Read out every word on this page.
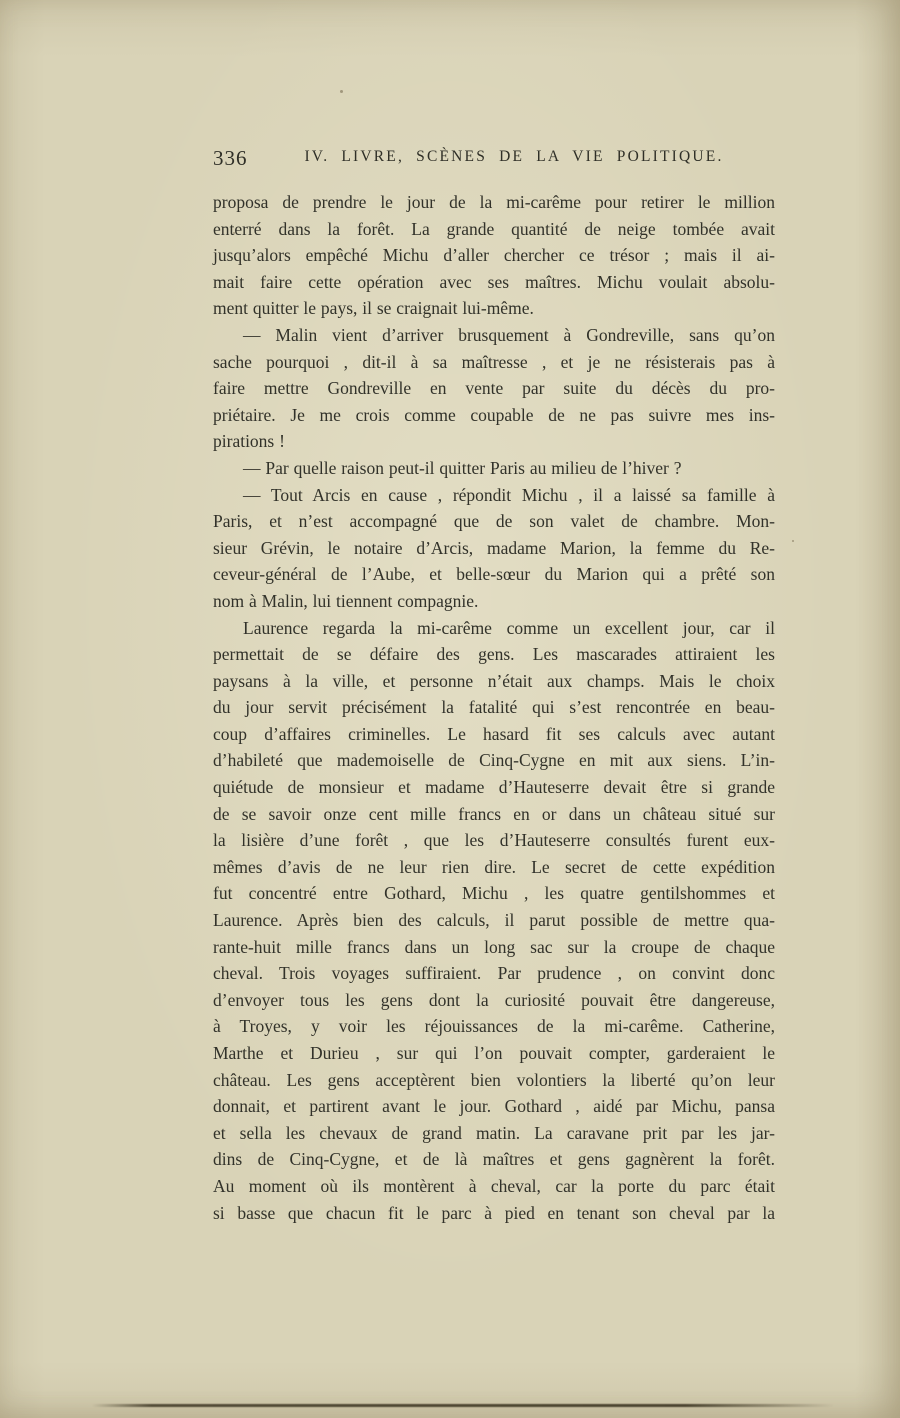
336	IV. LIVRE, SCÈNES DE LA VIE POLITIQUE.
proposa de prendre le jour de la mi-carême pour retirer le million
enterré dans la forêt. La grande quantité de neige tombée avait
jusqu’alors empêché Michu d’aller chercher ce trésor ; mais il ai-
mait faire cette opération avec ses maîtres. Michu voulait absolu-
ment quitter le pays, il se craignait lui-même.
— Malin vient d’arriver brusquement à Gondreville, sans qu’on
sache pourquoi , dit-il à sa maîtresse , et je ne résisterais pas à
faire mettre Gondreville en vente par suite du décès du pro-
priétaire. Je me crois comme coupable de ne pas suivre mes ins-
pirations !
— Par quelle raison peut-il quitter Paris au milieu de l’hiver ?
— Tout Arcis en cause , répondit Michu , il a laissé sa famille à
Paris, et n’est accompagné que de son valet de chambre. Mon-
sieur Grévin, le notaire d’Arcis, madame Marion, la femme du Re-
ceveur-général de l’Aube, et belle-sœur du Marion qui a prêté son
nom à Malin, lui tiennent compagnie.
Laurence regarda la mi-carême comme un excellent jour, car il
permettait de se défaire des gens. Les mascarades attiraient les
paysans à la ville, et personne n’était aux champs. Mais le choix
du jour servit précisément la fatalité qui s’est rencontrée en beau-
coup d’affaires criminelles. Le hasard fit ses calculs avec autant
d’habileté que mademoiselle de Cinq-Cygne en mit aux siens. L’in-
quiétude de monsieur et madame d’Hauteserre devait être si grande
de se savoir onze cent mille francs en or dans un château situé sur
la lisière d’une forêt , que les d’Hauteserre consultés furent eux-
mêmes d’avis de ne leur rien dire. Le secret de cette expédition
fut concentré entre Gothard, Michu , les quatre gentilshommes et
Laurence. Après bien des calculs, il parut possible de mettre qua-
rante-huit mille francs dans un long sac sur la croupe de chaque
cheval. Trois voyages suffiraient. Par prudence , on convint donc
d’envoyer tous les gens dont la curiosité pouvait être dangereuse,
à Troyes, y voir les réjouissances de la mi-carême. Catherine,
Marthe et Durieu , sur qui l’on pouvait compter, garderaient le
château. Les gens acceptèrent bien volontiers la liberté qu’on leur
donnait, et partirent avant le jour. Gothard , aidé par Michu, pansa
et sella les chevaux de grand matin. La caravane prit par les jar-
dins de Cinq-Cygne, et de là maîtres et gens gagnèrent la forêt.
Au moment où ils montèrent à cheval, car la porte du parc était
si basse que chacun fit le parc à pied en tenant son cheval par la
